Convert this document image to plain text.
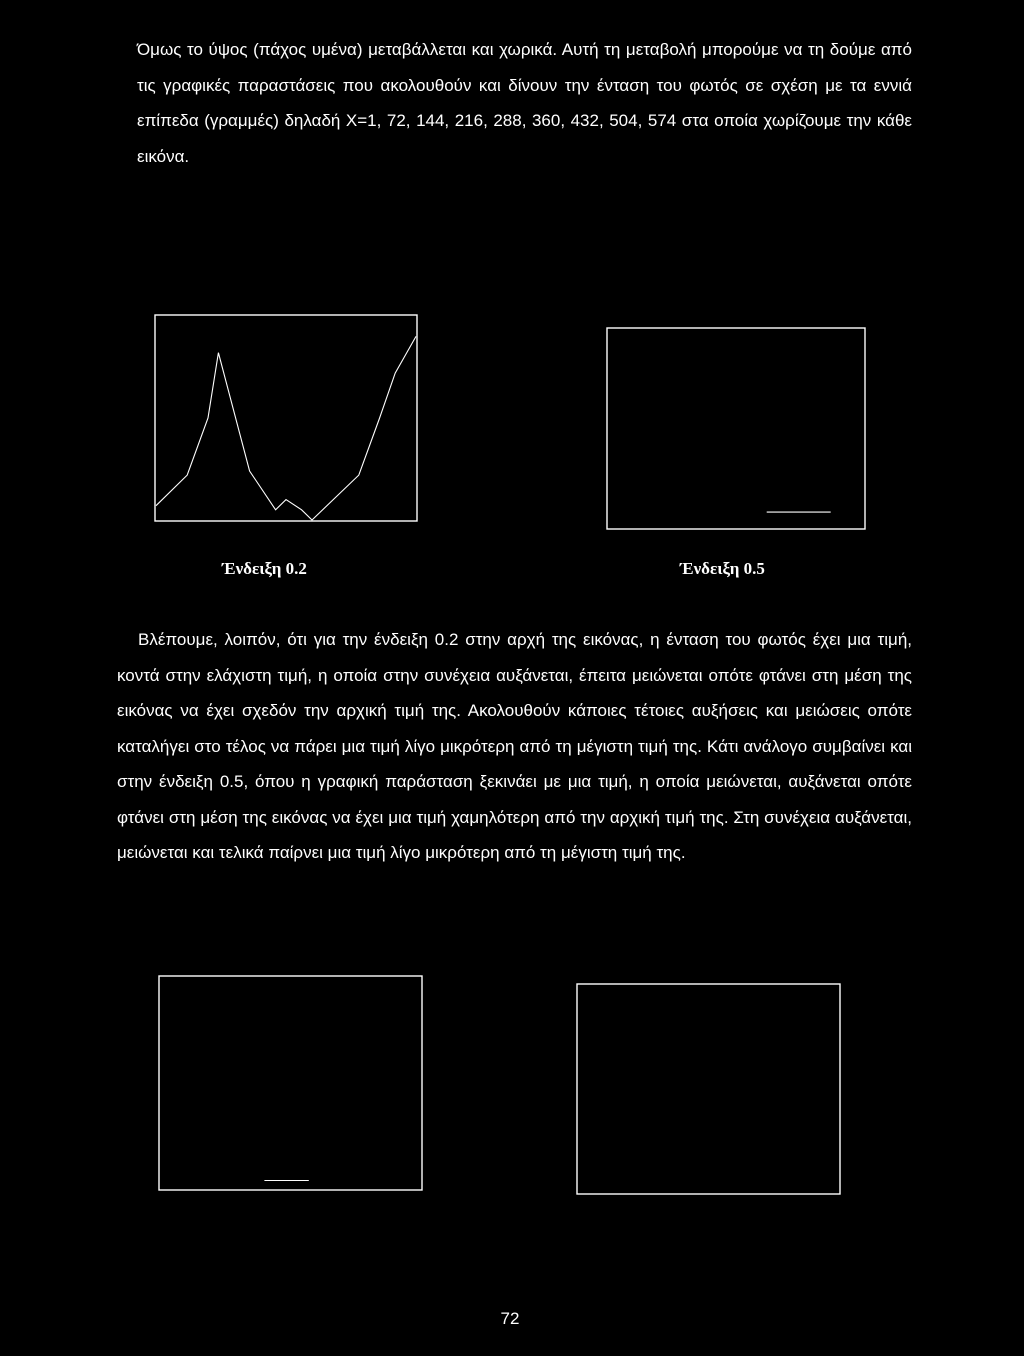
Όμως το ύψος (πάχος υμένα) μεταβάλλεται και χωρικά. Αυτή τη μεταβολή μπορούμε να τη δούμε από τις γραφικές παραστάσεις που ακολουθούν και δίνουν την ένταση του φωτός σε σχέση με τα εννιά επίπεδα (γραμμές) δηλαδή X=1, 72, 144, 216, 288, 360, 432, 504, 574 στα οποία χωρίζουμε την κάθε εικόνα.

Ένδειξη 0.2	Ένδειξη 0.5

Βλέπουμε, λοιπόν, ότι για την ένδειξη 0.2 στην αρχή της εικόνας, η ένταση του φωτός έχει μια τιμή, κοντά στην ελάχιστη τιμή, η οποία στην συνέχεια αυξάνεται, έπειτα μειώνεται οπότε φτάνει στη μέση της εικόνας να έχει σχεδόν την αρχική τιμή της. Ακολουθούν κάποιες τέτοιες αυξήσεις και μειώσεις οπότε καταλήγει στο τέλος να πάρει μια τιμή λίγο μικρότερη από τη μέγιστη τιμή της. Κάτι ανάλογο συμβαίνει και στην ένδειξη 0.5, όπου η γραφική παράσταση ξεκινάει με μια τιμή, η οποία μειώνεται, αυξάνεται οπότε φτάνει στη μέση της εικόνας να έχει μια τιμή χαμηλότερη από την αρχική τιμή της. Στη συνέχεια αυξάνεται, μειώνεται και τελικά παίρνει μια τιμή λίγο μικρότερη από τη μέγιστη τιμή της.

72
